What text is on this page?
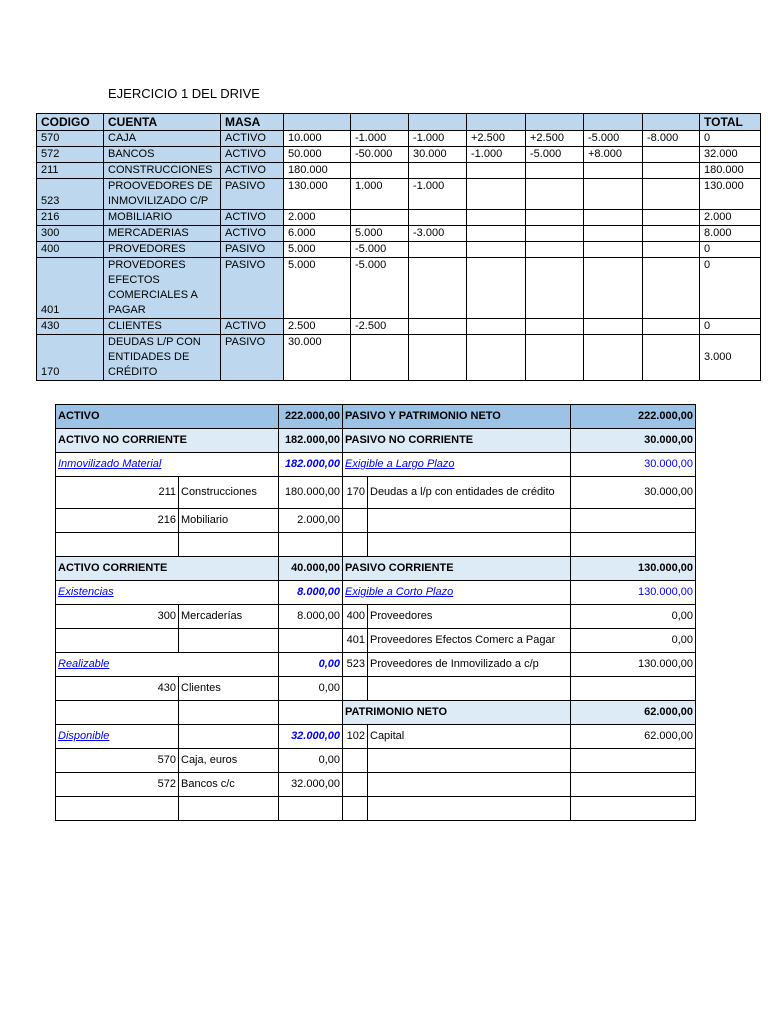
EJERCICIO 1 DEL DRIVE
CODIGO	CUENTA	MASA								TOTAL
570	CAJA	ACTIVO	10.000	-1.000	-1.000	+2.500	+2.500	-5.000	-8.000	0
572	BANCOS	ACTIVO	50.000	-50.000	30.000	-1.000	-5.000	+8.000		32.000
211	CONSTRUCCIONES	ACTIVO	180.000							180.000
523	PROOVEDORES DE INMOVILIZADO C/P	PASIVO	130.000	1.000	-1.000					130.000
216	MOBILIARIO	ACTIVO	2.000							2.000
300	MERCADERIAS	ACTIVO	6.000	5.000	-3.000					8.000
400	PROVEDORES	PASIVO	5.000	-5.000						0
401	PROVEDORES EFECTOS COMERCIALES A PAGAR	PASIVO	5.000	-5.000						0
430	CLIENTES	ACTIVO	2.500	-2.500						0
170	DEUDAS L/P CON ENTIDADES DE CRÉDITO	PASIVO	30.000							3.000
ACTIVO		222.000,00	PASIVO Y PATRIMONIO NETO		222.000,00
ACTIVO NO CORRIENTE		182.000,00	PASIVO NO CORRIENTE		30.000,00
Inmovilizado Material		182.000,00	Exigible a Largo Plazo		30.000,00
211	Construcciones	180.000,00	170	Deudas a l/p con entidades de crédito	30.000,00
216	Mobiliario	2.000,00			

ACTIVO CORRIENTE		40.000,00	PASIVO CORRIENTE		130.000,00
Existencias		8.000,00	Exigible a Corto Plazo		130.000,00
300	Mercaderías	8.000,00	400	Proveedores	0,00
			401	Proveedores Efectos Comerc a Pagar	0,00
Realizable		0,00	523	Proveedores de Inmovilizado a c/p	130.000,00
430	Clientes	0,00			
			PATRIMONIO NETO		62.000,00
Disponible		32.000,00	102	Capital	62.000,00
570	Caja, euros	0,00			
572	Bancos c/c	32.000,00			
